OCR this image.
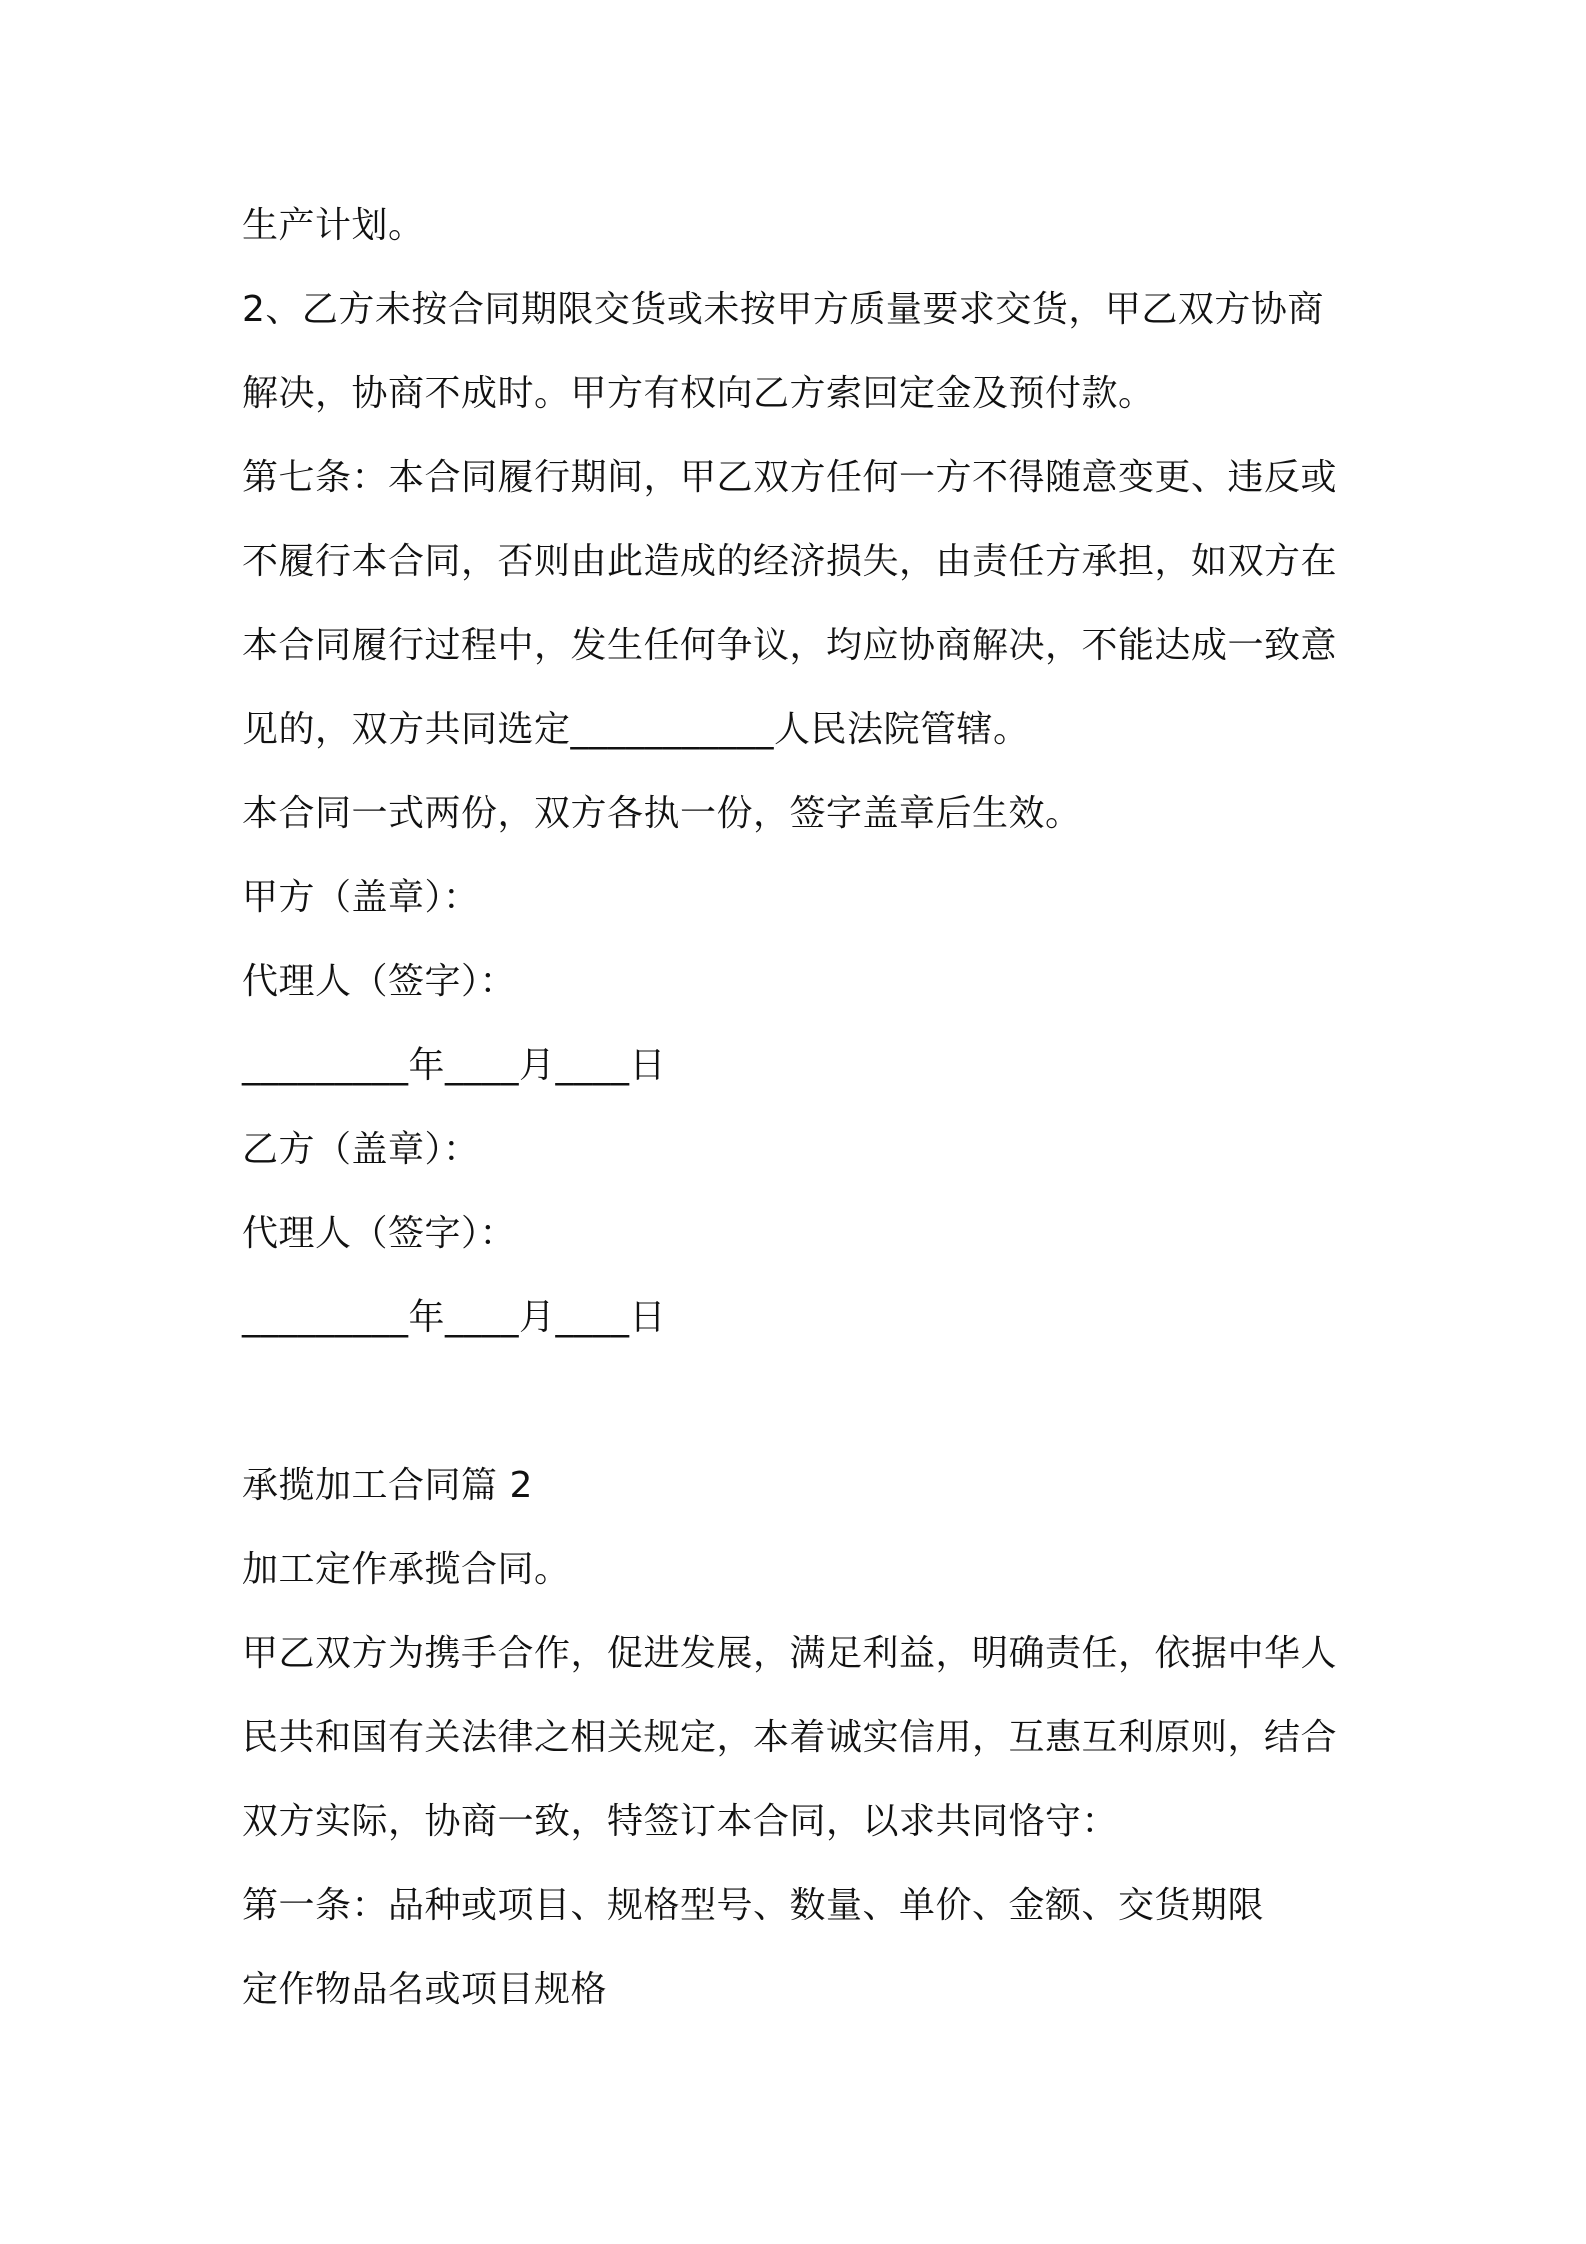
生产计划。
2、乙方未按合同期限交货或未按甲方质量要求交货，甲乙双方协商
解决，协商不成时。甲方有权向乙方索回定金及预付款。
第七条：本合同履行期间，甲乙双方任何一方不得随意变更、违反或
不履行本合同，否则由此造成的经济损失，由责任方承担，如双方在
本合同履行过程中，发生任何争议，均应协商解决，不能达成一致意
见的，双方共同选定___________人民法院管辖。
本合同一式两份，双方各执一份，签字盖章后生效。
甲方（盖章）：
代理人（签字）：
_________年____月____日
乙方（盖章）：
代理人（签字）：
_________年____月____日
承揽加工合同篇 2
加工定作承揽合同。
甲乙双方为携手合作，促进发展，满足利益，明确责任，依据中华人
民共和国有关法律之相关规定，本着诚实信用，互惠互利原则，结合
双方实际，协商一致，特签订本合同，以求共同恪守：
第一条：品种或项目、规格型号、数量、单价、金额、交货期限
定作物品名或项目规格
